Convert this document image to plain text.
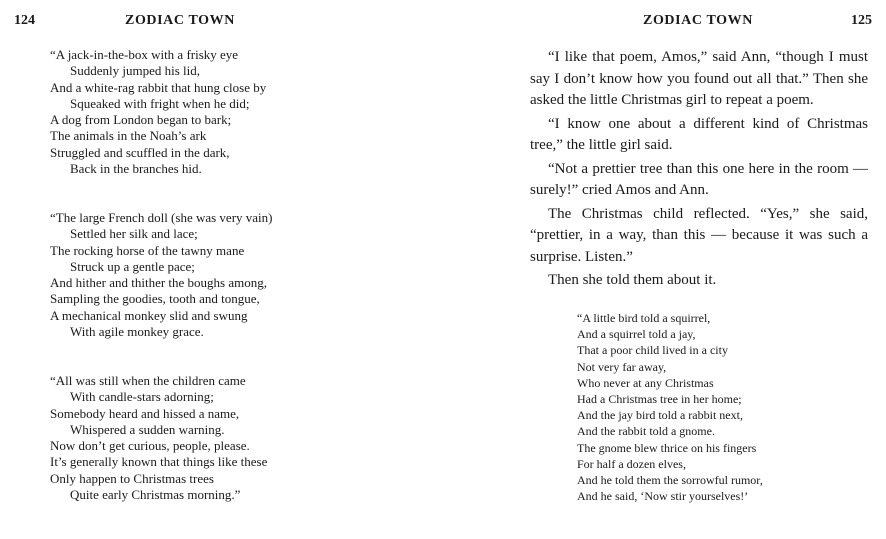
124	ZODIAC TOWN
“A jack-in-the-box with a frisky eye
Suddenly jumped his lid,
And a white-rag rabbit that hung close by
Squeaked with fright when he did;
A dog from London began to bark;
The animals in the Noah’s ark
Struggled and scuffled in the dark,
Back in the branches hid.
“The large French doll (she was very vain)
Settled her silk and lace;
The rocking horse of the tawny mane
Struck up a gentle pace;
And hither and thither the boughs among,
Sampling the goodies, tooth and tongue,
A mechanical monkey slid and swung
With agile monkey grace.
“All was still when the children came
With candle-stars adorning;
Somebody heard and hissed a name,
Whispered a sudden warning.
Now don’t get curious, people, please.
It’s generally known that things like these
Only happen to Christmas trees
Quite early Christmas morning.”
ZODIAC TOWN	125

“I like that poem, Amos,” said Ann, “though I must say I don’t know how you found out all that.” Then she asked the little Christmas girl to repeat a poem.

“I know one about a different kind of Christmas tree,” the little girl said.

“Not a prettier tree than this one here in the room — surely!” cried Amos and Ann.

The Christmas child reflected. “Yes,” she said, “prettier, in a way, than this — because it was such a surprise. Listen.”

Then she told them about it.

“A little bird told a squirrel,
And a squirrel told a jay,
That a poor child lived in a city
Not very far away,
Who never at any Christmas
Had a Christmas tree in her home;
And the jay bird told a rabbit next,
And the rabbit told a gnome.
The gnome blew thrice on his fingers
For half a dozen elves,
And he told them the sorrowful rumor,
And he said, ‘Now stir yourselves!’
